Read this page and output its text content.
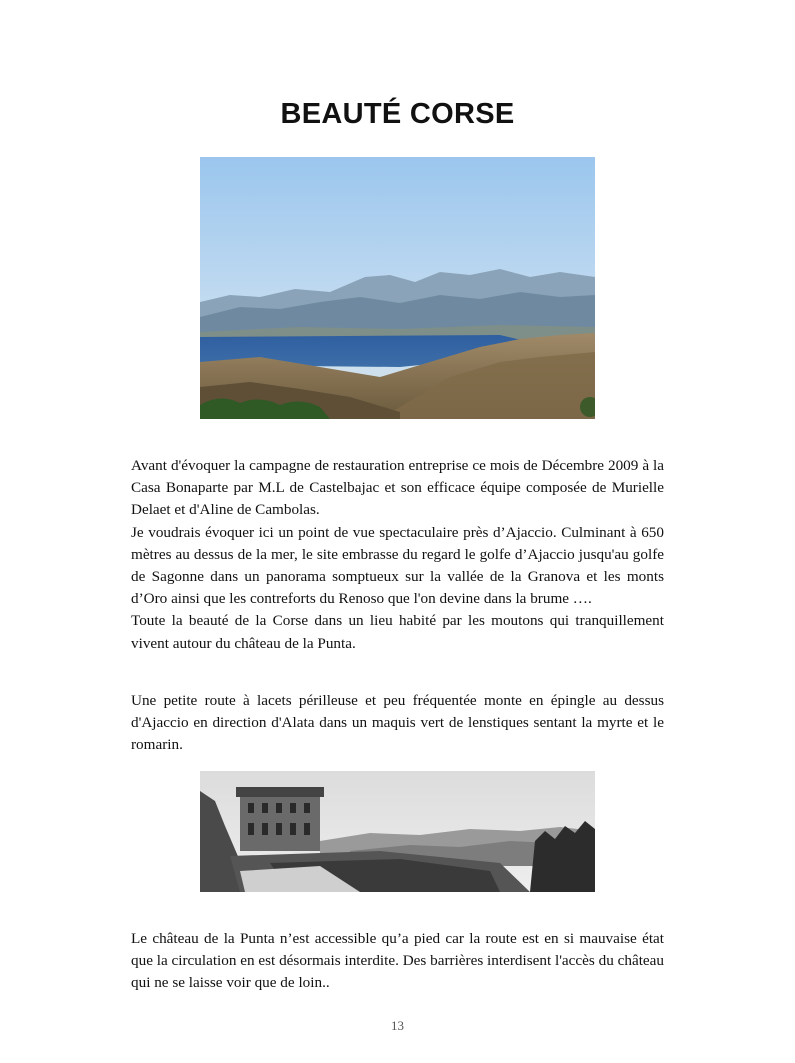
BEAUTÉ CORSE

Avant d'évoquer la campagne de restauration entreprise ce mois de Décembre 2009 à la Casa Bonaparte par M.L de Castelbajac et son efficace équipe composée de Murielle Delaet et d'Aline de Cambolas.

Je voudrais évoquer ici un point de vue spectaculaire près d’Ajaccio. Culminant à 650 mètres au dessus de la mer, le site embrasse du regard le golfe d’Ajaccio jusqu'au golfe de Sagonne dans un panorama somptueux sur la vallée de la Granova et les monts d’Oro ainsi que les contreforts du Renoso que l'on devine dans la brume ….

Toute la beauté de la Corse dans un lieu habité par les moutons qui tranquillement vivent autour du château de la Punta.

Une petite route à lacets périlleuse et peu fréquentée monte en épingle au dessus d'Ajaccio en direction d'Alata dans un maquis vert de lenstiques sentant la myrte et le romarin.

Le château de la Punta n’est accessible qu’a pied car la route est en si mauvaise état que la circulation en est désormais interdite. Des barrières interdisent l'accès du château qui ne se laisse voir que de loin..

13
